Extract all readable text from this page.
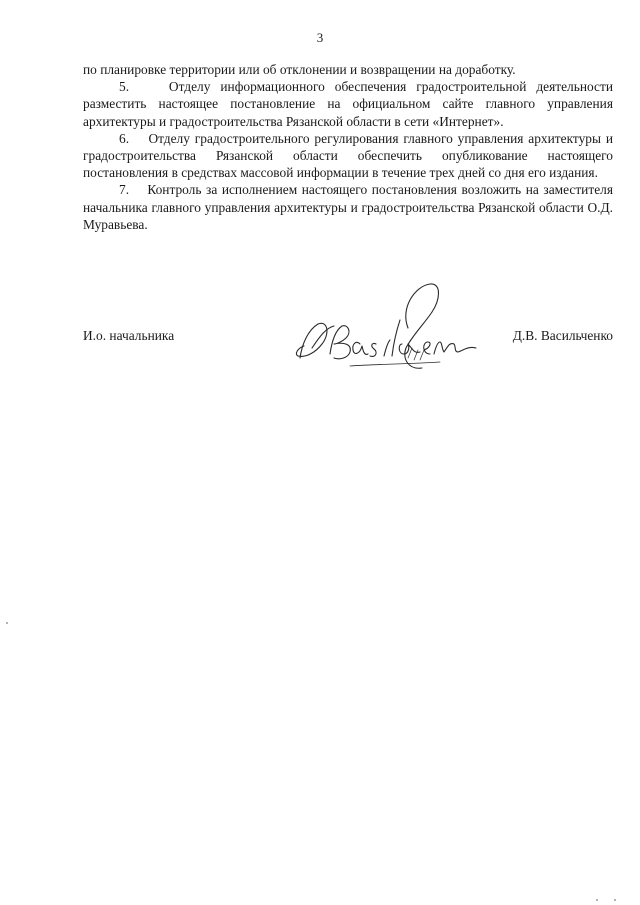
3

по планировке территории или об отклонении и возвращении на доработку.

5.    Отделу информационного обеспечения градостроительной деятельности разместить настоящее постановление на официальном сайте главного управления архитектуры и градостроительства Рязанской области в сети «Интернет».

6.    Отделу градостроительного регулирования главного управления архитектуры и градостроительства Рязанской области обеспечить опубликование настоящего постановления в средствах массовой информации в течение трех дней со дня его издания.

7.    Контроль за исполнением настоящего постановления возложить на заместителя начальника главного управления архитектуры и градостроительства Рязанской области О.Д. Муравьева.

И.о. начальника	Д.В. Васильченко
